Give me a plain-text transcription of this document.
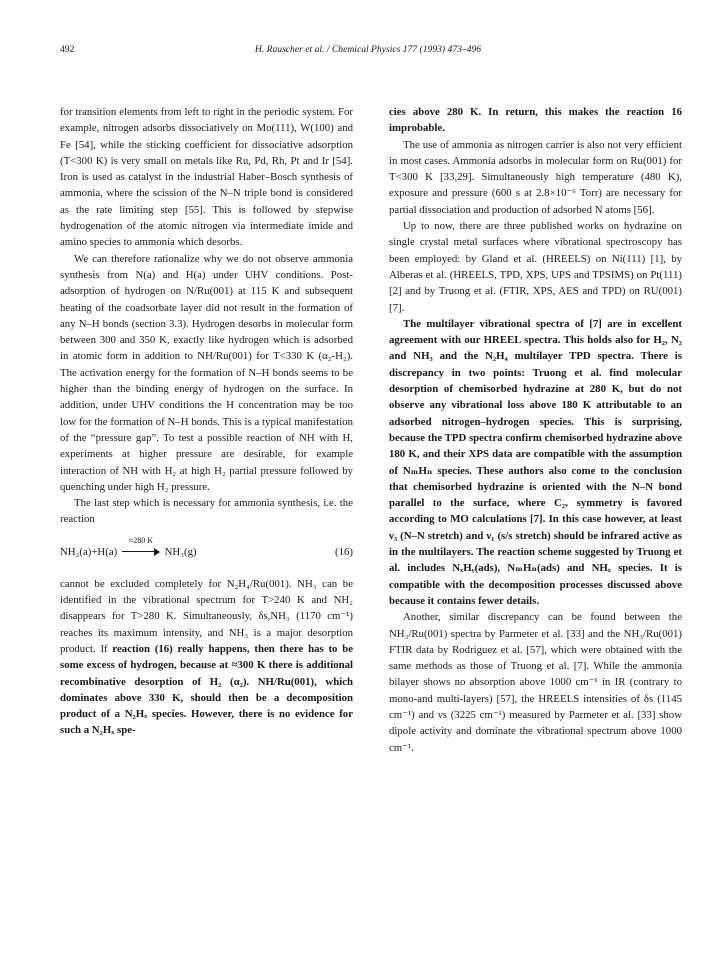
492	H. Rauscher et al. / Chemical Physics 177 (1993) 473–496

for transition elements from left to right in the periodic system. For example, nitrogen adsorbs dissociatively on Mo(111), W(100) and Fe [54], while the sticking coefficient for dissociative adsorption (T<300 K) is very small on metals like Ru, Pd, Rh, Pt and Ir [54]. Iron is used as catalyst in the industrial Haber–Bosch synthesis of ammonia, where the scission of the N–N triple bond is considered as the rate limiting step [55]. This is followed by stepwise hydrogenation of the atomic nitrogen via intermediate imide and amino species to ammonia which desorbs.

We can therefore rationalize why we do not observe ammonia synthesis from N(a) and H(a) under UHV conditions. Post-adsorption of hydrogen on N/Ru(001) at 115 K and subsequent heating of the coadsorbate layer did not result in the formation of any N–H bonds (section 3.3). Hydrogen desorbs in molecular form between 300 and 350 K, exactly like hydrogen which is adsorbed in atomic form in addition to NH/Ru(001) for T<330 K (α₂-H₂). The activation energy for the formation of N–H bonds seems to be higher than the binding energy of hydrogen on the surface. In addition, under UHV conditions the H concentration may be too low for the formation of N–H bonds. This is a typical manifestation of the “pressure gap”. To test a possible reaction of NH with H, experiments at higher pressure are desirable, for example interaction of NH with H₂ at high H₂ partial pressure followed by quenching under high H₂ pressure.

The last step which is necessary for ammonia synthesis, i.e. the reaction

NH₂(a)+H(a)
≈280 K
NH₃(g)	(16)

cannot be excluded completely for N₂H₄/Ru(001). NH₃ can be identified in the vibrational spectrum for T>240 K and NH₂ disappears for T>280 K. Simultaneously, δs,NH₃ (1170 cm⁻¹) reaches its maximum intensity, and NH₃ is a major desorption product. If reaction (16) really happens, then there has to be some excess of hydrogen, because at ≈300 K there is additional recombinative desorption of H₂ (α₂). NH/Ru(001), which dominates above 330 K, should then be a decomposition product of a N₂Hₓ species. However, there is no evidence for such a N₂Hₓ spe-

cies above 280 K. In return, this makes the reaction 16 improbable.

The use of ammonia as nitrogen carrier is also not very efficient in most cases. Ammonia adsorbs in molecular form on Ru(001) for T<300 K [33,29]. Simultaneously high temperature (480 K), exposure and pressure (600 s at 2.8×10⁻⁶ Torr) are necessary for partial dissociation and production of adsorbed N atoms [56].

Up to now, there are three published works on hydrazine on single crystal metal surfaces where vibrational spectroscopy has been employed: by Gland et al. (HREELS) on Ni(111) [1], by Alberas et al. (HREELS, TPD, XPS, UPS and TPSIMS) on Pt(111) [2] and by Truong et al. (FTIR, XPS, AES and TPD) on RU(001) [7].

The multilayer vibrational spectra of [7] are in excellent agreement with our HREEL spectra. This holds also for H₂, N₂ and NH₃ and the N₂H₄ multilayer TPD spectra. There is discrepancy in two points: Truong et al. find molecular desorption of chemisorbed hydrazine at 280 K, but do not observe any vibrational loss above 180 K attributable to an adsorbed nitrogen–hydrogen species. This is surprising, because the TPD spectra confirm chemisorbed hydrazine above 180 K, and their XPS data are compatible with the assumption of NₘHₙ species. These authors also come to the conclusion that chemisorbed hydrazine is oriented with the N–N bond parallel to the surface, where C₂ᵥ symmetry is favored according to MO calculations [7]. In this case however, at least ν₃ (N–N stretch) and ν₁ (s/s stretch) should be infrared active as in the multilayers. The reaction scheme suggested by Truong et al. includes NₓHᵧ(ads), NₘHₙ(ads) and NHₓ species. It is compatible with the decomposition processes discussed above because it contains fewer details.

Another, similar discrepancy can be found between the NH₃/Ru(001) spectra by Parmeter et al. [33] and the NH₃/Ru(001) FTIR data by Rodriguez et al. [57], which were obtained with the same methods as those of Truong et al. [7]. While the ammonia bilayer shows no absorption above 1000 cm⁻¹ in IR (contrary to mono-and multi-layers) [57], the HREELS intensities of δs (1145 cm⁻¹) and νs (3225 cm⁻¹) measured by Parmeter et al. [33] show dipole activity and dominate the vibrational spectrum above 1000 cm⁻¹.
